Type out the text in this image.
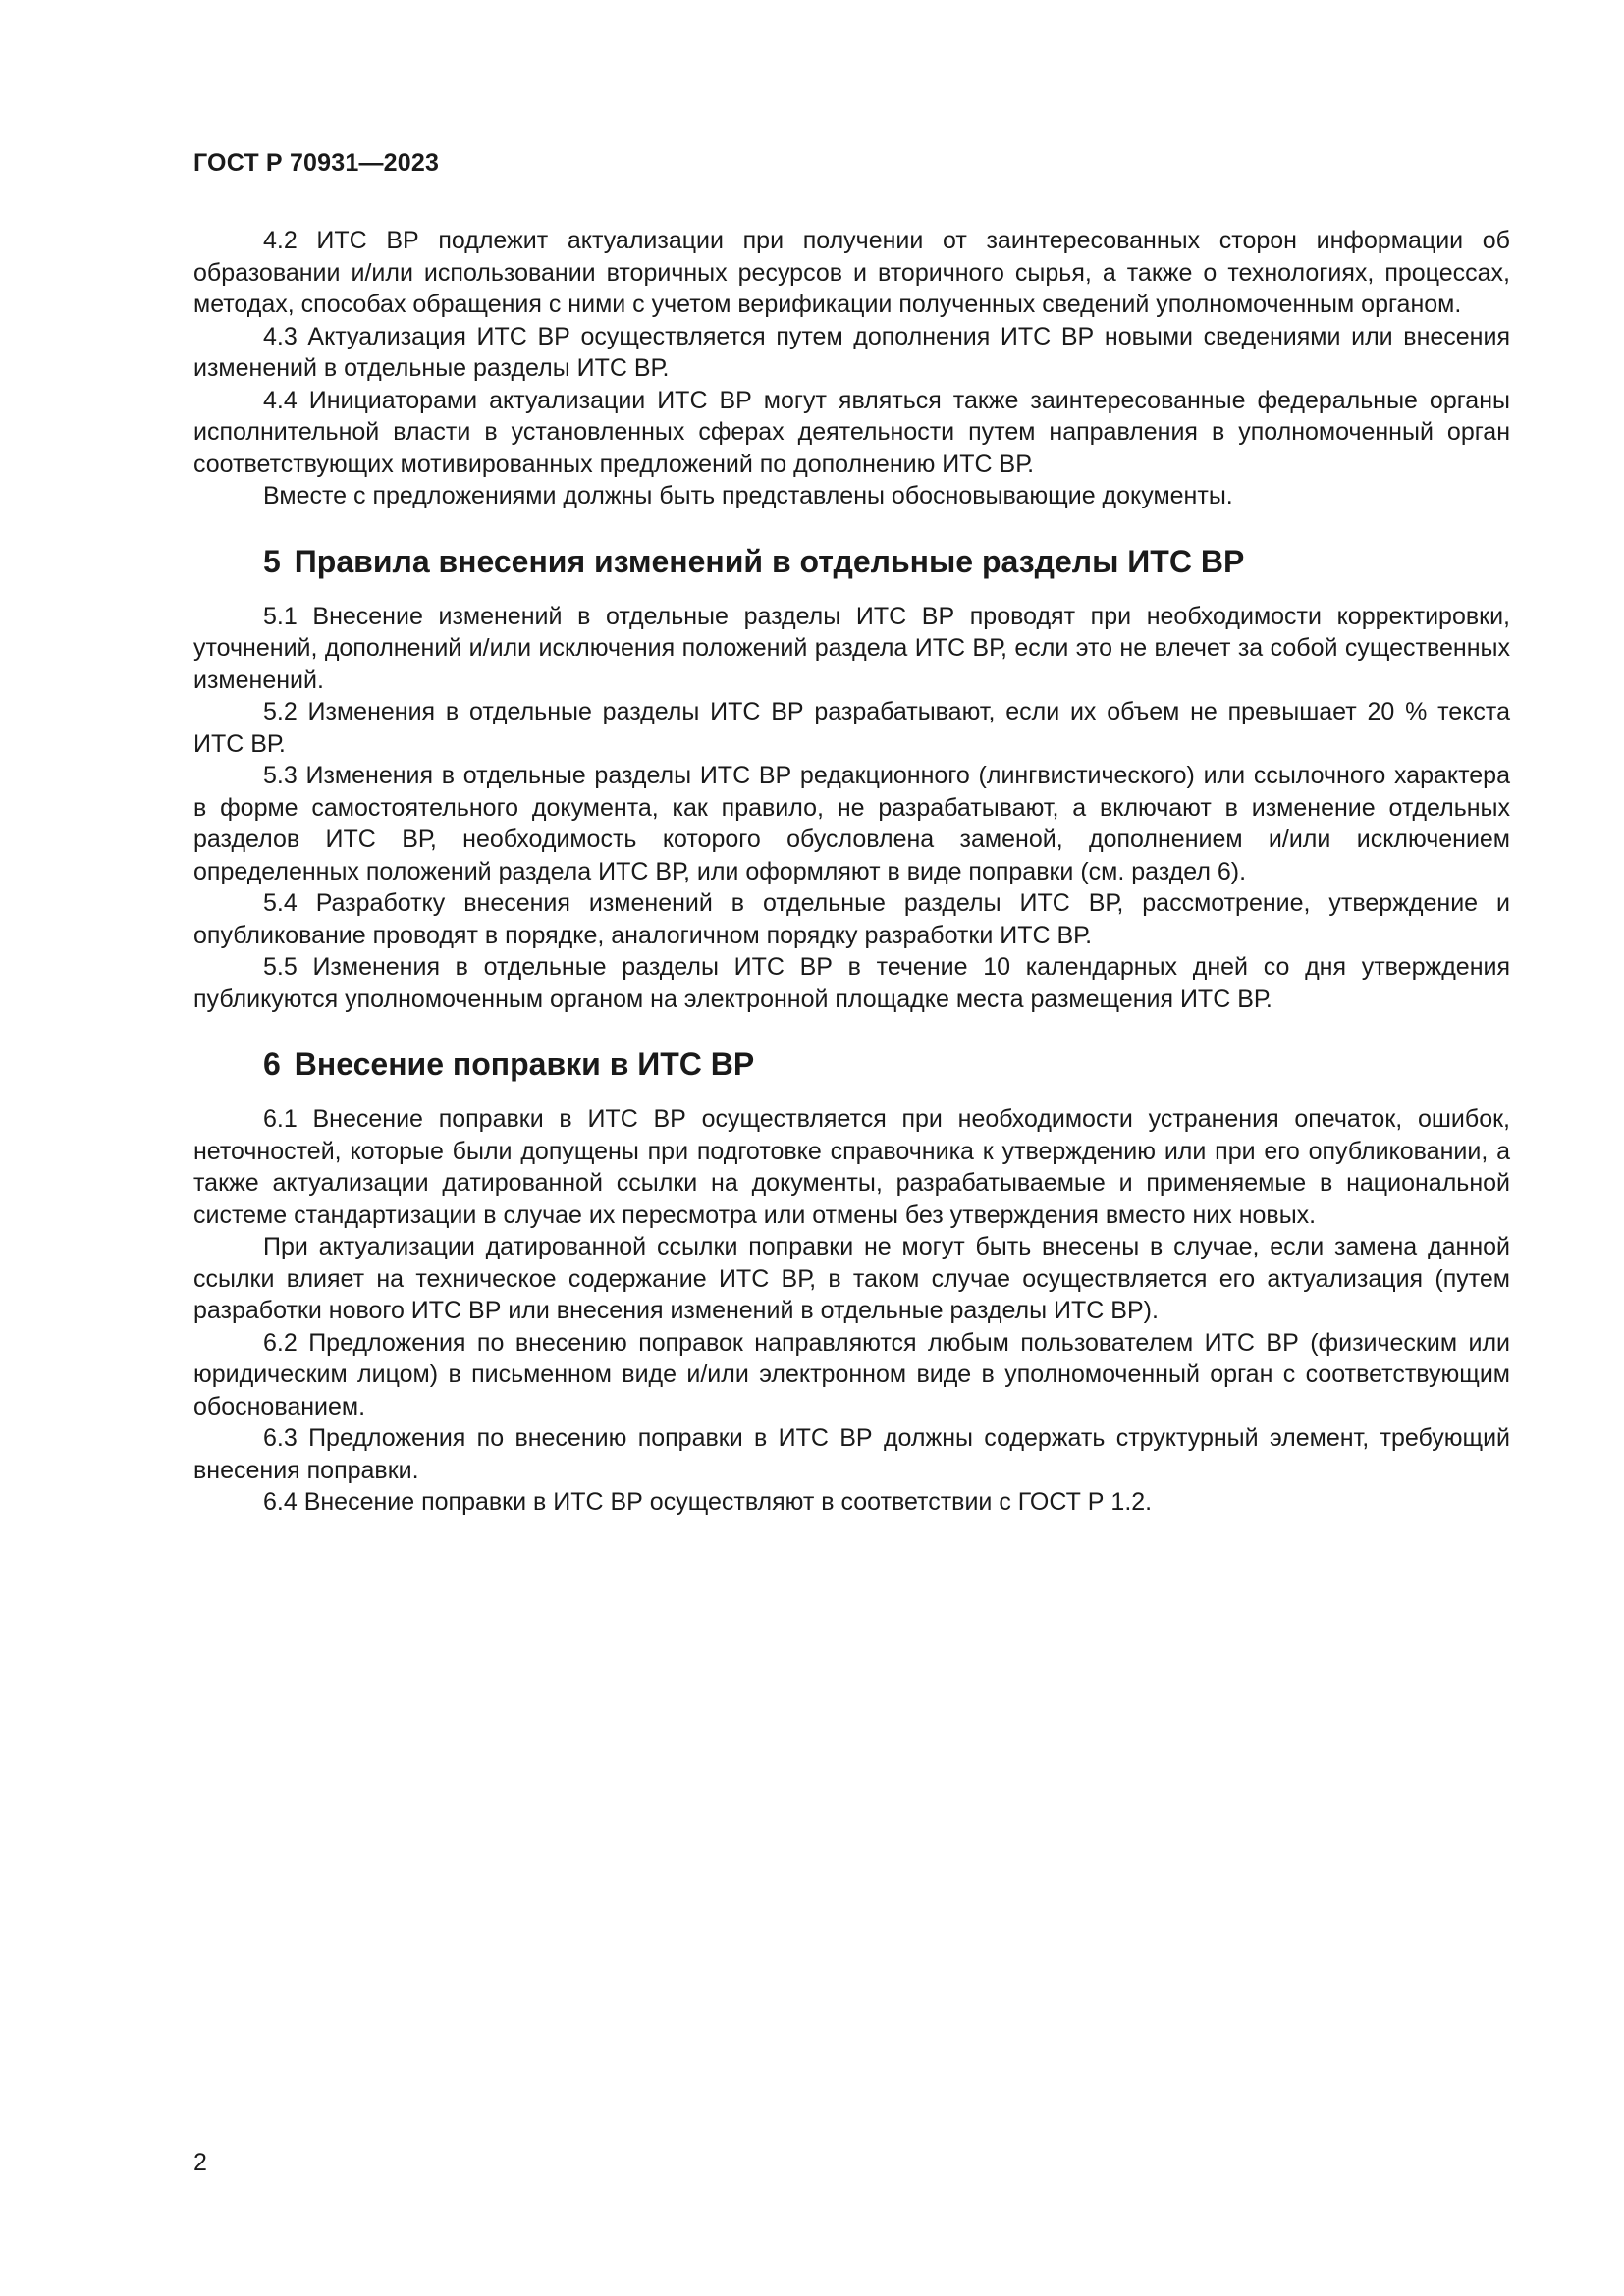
ГОСТ Р 70931—2023

4.2 ИТС ВР подлежит актуализации при получении от заинтересованных сторон информации об образовании и/или использовании вторичных ресурсов и вторичного сырья, а также о технологиях, процессах, методах, способах обращения с ними с учетом верификации полученных сведений уполномоченным органом.

4.3 Актуализация ИТС ВР осуществляется путем дополнения ИТС ВР новыми сведениями или внесения изменений в отдельные разделы ИТС ВР.

4.4 Инициаторами актуализации ИТС ВР могут являться также заинтересованные федеральные органы исполнительной власти в установленных сферах деятельности путем направления в уполномоченный орган соответствующих мотивированных предложений по дополнению ИТС ВР.

Вместе с предложениями должны быть представлены обосновывающие документы.

5 Правила внесения изменений в отдельные разделы ИТС ВР

5.1 Внесение изменений в отдельные разделы ИТС ВР проводят при необходимости корректировки, уточнений, дополнений и/или исключения положений раздела ИТС ВР, если это не влечет за собой существенных изменений.

5.2 Изменения в отдельные разделы ИТС ВР разрабатывают, если их объем не превышает 20 % текста ИТС ВР.

5.3 Изменения в отдельные разделы ИТС ВР редакционного (лингвистического) или ссылочного характера в форме самостоятельного документа, как правило, не разрабатывают, а включают в изменение отдельных разделов ИТС ВР, необходимость которого обусловлена заменой, дополнением и/или исключением определенных положений раздела ИТС ВР, или оформляют в виде поправки (см. раздел 6).

5.4 Разработку внесения изменений в отдельные разделы ИТС ВР, рассмотрение, утверждение и опубликование проводят в порядке, аналогичном порядку разработки ИТС ВР.

5.5 Изменения в отдельные разделы ИТС ВР в течение 10 календарных дней со дня утверждения публикуются уполномоченным органом на электронной площадке места размещения ИТС ВР.

6 Внесение поправки в ИТС ВР

6.1 Внесение поправки в ИТС ВР осуществляется при необходимости устранения опечаток, ошибок, неточностей, которые были допущены при подготовке справочника к утверждению или при его опубликовании, а также актуализации датированной ссылки на документы, разрабатываемые и применяемые в национальной системе стандартизации в случае их пересмотра или отмены без утверждения вместо них новых.

При актуализации датированной ссылки поправки не могут быть внесены в случае, если замена данной ссылки влияет на техническое содержание ИТС ВР, в таком случае осуществляется его актуализация (путем разработки нового ИТС ВР или внесения изменений в отдельные разделы ИТС ВР).

6.2 Предложения по внесению поправок направляются любым пользователем ИТС ВР (физическим или юридическим лицом) в письменном виде и/или электронном виде в уполномоченный орган с соответствующим обоснованием.

6.3 Предложения по внесению поправки в ИТС ВР должны содержать структурный элемент, требующий внесения поправки.

6.4 Внесение поправки в ИТС ВР осуществляют в соответствии с ГОСТ Р 1.2.

2
